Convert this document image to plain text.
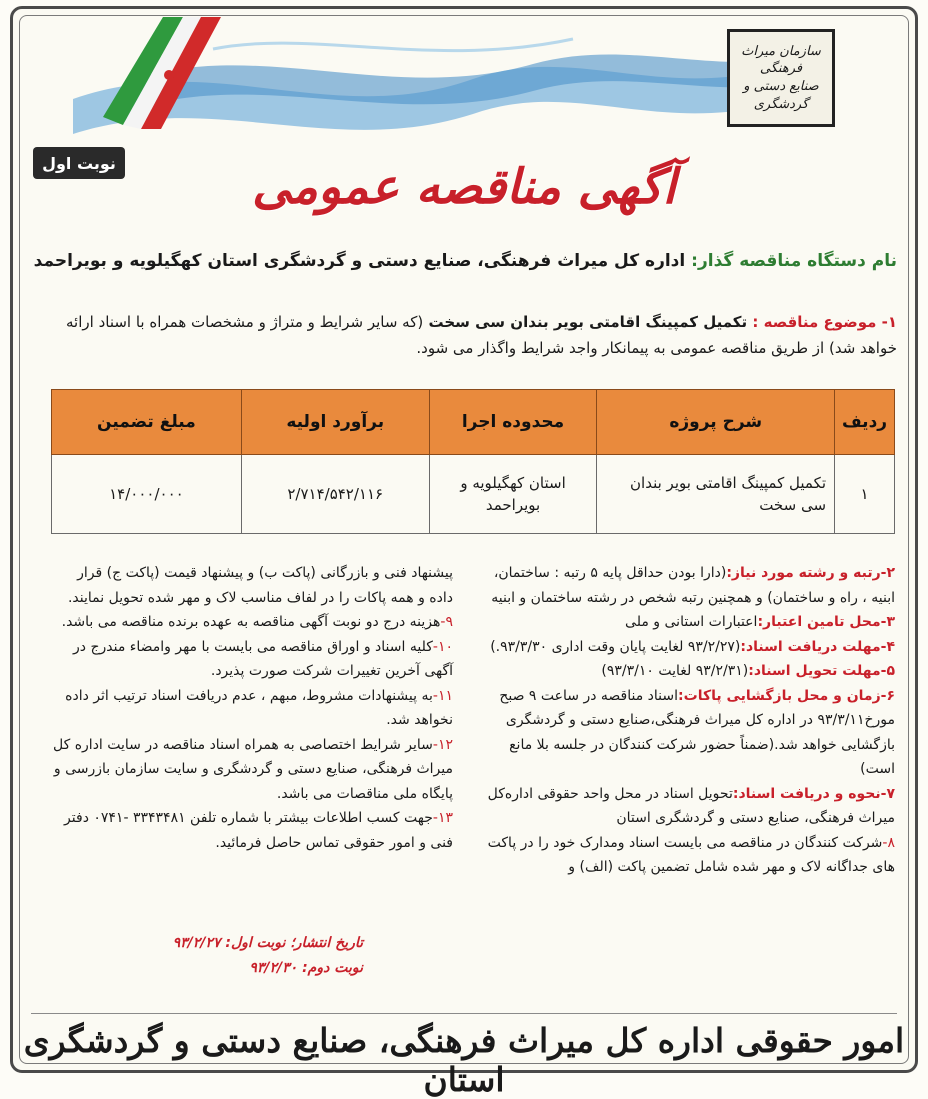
سازمان میراث فرهنگی
صنایع دستی و گردشگری
نوبت اول	آگهی مناقصه عمومی
نام دستگاه مناقصه گذار: اداره کل میراث فرهنگی، صنایع دستی و گردشگری استان کهگیلویه و بویراحمد
۱- موضوع مناقصه : تکمیل کمپینگ اقامتی بویر بندان سی سخت (که سایر شرایط و متراژ و مشخصات همراه با اسناد ارائه خواهد شد) از طریق مناقصه عمومی به پیمانکار واجد شرایط واگذار می شود.
ردیف	شرح پروژه	محدوده اجرا	برآورد اولیه	مبلغ تضمین
۱	تکمیل کمپینگ اقامتی بویر بندان سی سخت	استان کهگیلویه و بویراحمد	۲/۷۱۴/۵۴۲/۱۱۶	۱۴/۰۰۰/۰۰۰

۲-رتبه و رشته مورد نیاز:(دارا بودن حداقل پایه ۵ رتبه : ساختمان، ابنیه ، راه و ساختمان) و همچنین رتبه شخص در رشته ساختمان و ابنیه

۳-محل تامین اعتبار:اعتبارات استانی و ملی

۴-مهلت دریافت اسناد:(۹۳/۲/۲۷ لغایت پایان وقت اداری ۹۳/۳/۳۰.)

۵-مهلت تحویل اسناد:(۹۳/۲/۳۱ لغایت ۹۳/۳/۱۰)

۶-زمان و محل بازگشایی پاکات:اسناد مناقصه در ساعت ۹ صبح مورخ۹۳/۳/۱۱ در اداره کل میراث فرهنگی،صنایع دستی و گردشگری بازگشایی خواهد شد.(ضمناً حضور شرکت کنندگان در جلسه بلا مانع است)

۷-نحوه و دریافت اسناد:تحویل اسناد در محل واحد حقوقی اداره‌کل میراث فرهنگی، صنایع دستی و گردشگری استان

۸-شرکت کنندگان در مناقصه می بایست اسناد ومدارک خود را در پاکت های جداگانه لاک و مهر شده شامل تضمین پاکت (الف) و

پیشنهاد فنی و بازرگانی (پاکت ب) و پیشنهاد قیمت (پاکت ج) قرار داده و همه پاکات را در لفاف مناسب لاک و مهر شده تحویل نمایند.

۹-هزینه درج دو نوبت آگهی مناقصه به عهده برنده مناقصه می باشد.

۱۰-کلیه اسناد و اوراق مناقصه می بایست با مهر وامضاء مندرج در آگهی آخرین تغییرات شرکت صورت پذیرد.

۱۱-به پیشنهادات مشروط، مبهم ، عدم دریافت اسناد ترتیب اثر داده نخواهد شد.

۱۲-سایر شرایط اختصاصی به همراه اسناد مناقصه در سایت اداره کل میراث فرهنگی، صنایع دستی و گردشگری و سایت سازمان بازرسی و پایگاه ملی مناقصات می باشد.

۱۳-جهت کسب اطلاعات بیشتر با شماره تلفن ۳۳۴۳۴۸۱ -۰۷۴۱ دفتر فنی و امور حقوقی تماس حاصل فرمائید.

تاریخ انتشار؛ نوبت اول: ۹۳/۲/۲۷
نوبت دوم: ۹۳/۲/۳۰
امور حقوقی اداره کل میراث فرهنگی، صنایع دستی و گردشگری استان
